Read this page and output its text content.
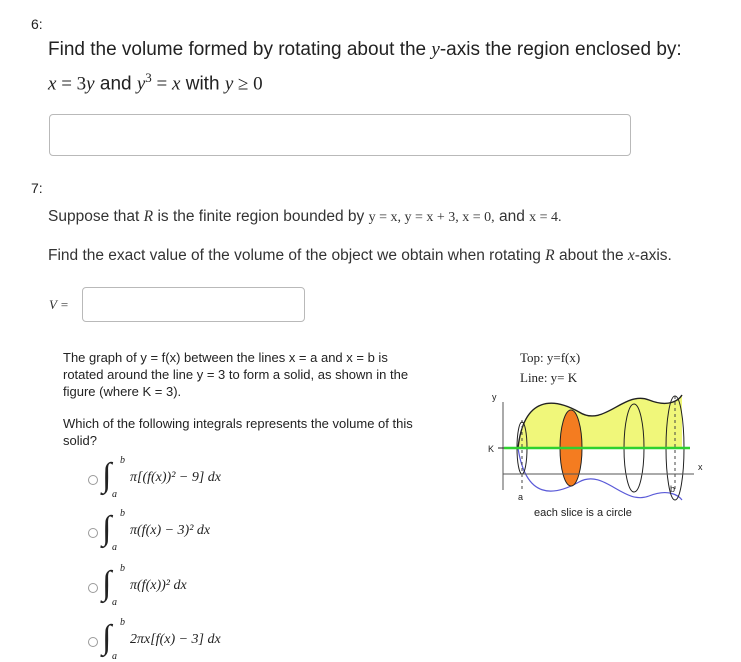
6:
Find the volume formed by rotating about the y-axis the region enclosed by:
x = 3y and $y^3 = x$ with y ≥ 0
7:
Suppose that R is the finite region bounded by y = x, y = x + 3, x = 0, and x = 4.
Find the exact value of the volume of the object we obtain when rotating R about the x-axis.
V =
The graph of y = f(x) between the lines x = a and x = b is
rotated around the line y = 3 to form a solid, as shown in the
figure (where K = 3).
Which of the following integrals represents the volume of this
solid?
∫ b
a
π[(f(x))² − 9] dx
∫ b
a
π(f(x) − 3)² dx
∫ b
a
π(f(x))² dx
∫ b
a
2πx[f(x) − 3] dx
Top: y=f(x)
Line: y= K
y
K
x
a
b
each slice is a circle
